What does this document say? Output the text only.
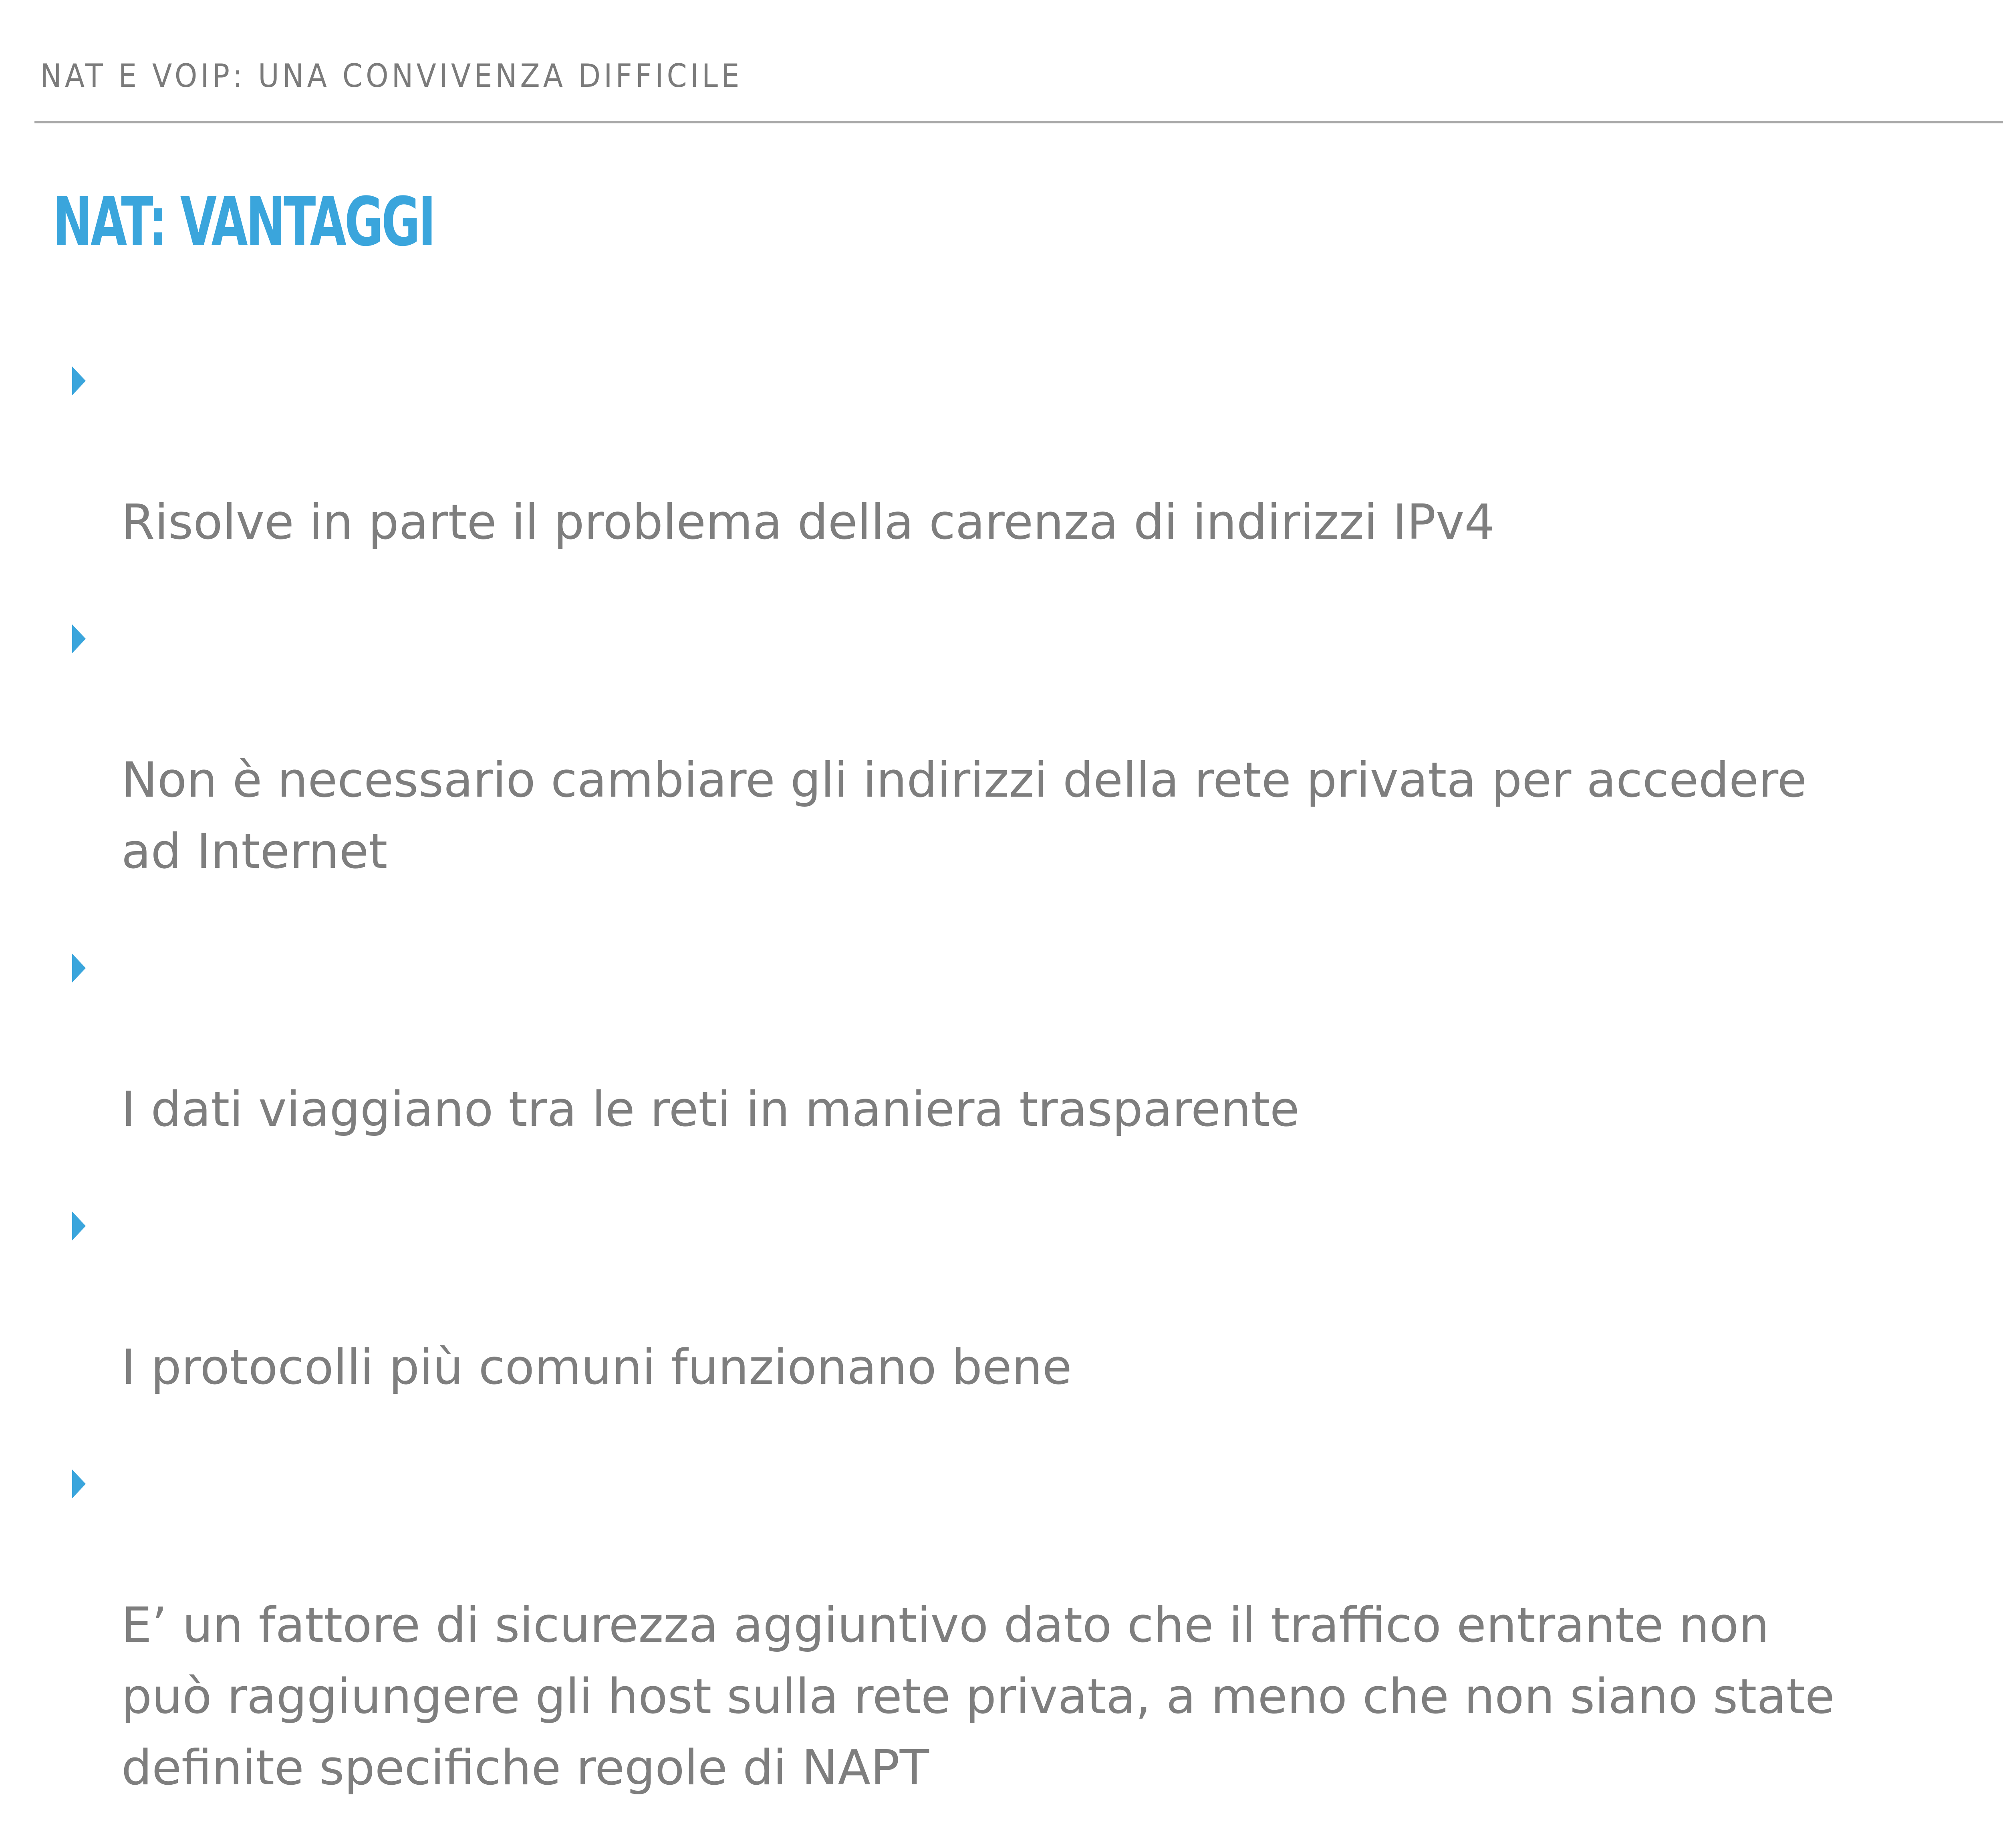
NAT E VOIP: UNA CONVIVENZA DIFFICILE
NAT: VANTAGGI

Risolve in parte il problema della carenza di indirizzi IPv4

Non è necessario cambiare gli indirizzi della rete privata per accedere
ad Internet

I dati viaggiano tra le reti in maniera trasparente

I protocolli più comuni funzionano bene

E’ un fattore di sicurezza aggiuntivo dato che il traffico entrante non
può raggiungere gli host sulla rete privata, a meno che non siano state
definite specifiche regole di NAPT
